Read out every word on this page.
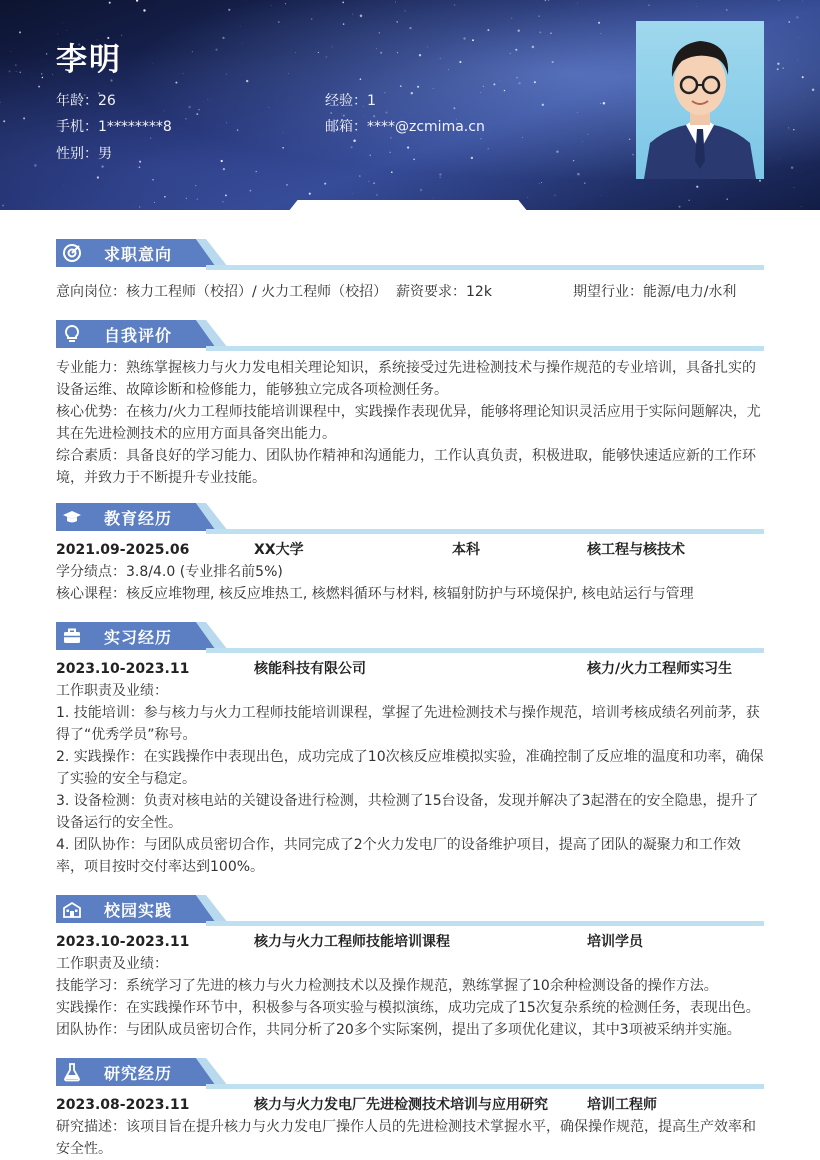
李明
年龄：26	经验：1
手机：1********8	邮箱：****@zcmima.cn
性别：男
求职意向
意向岗位：核力工程师（校招）/ 火力工程师（校招） 薪资要求：12k	期望行业：能源/电力/水利
自我评价

专业能力：熟练掌握核力与火力发电相关理论知识，系统接受过先进检测技术与操作规范的专业培训，具备扎实的

设备运维、故障诊断和检修能力，能够独立完成各项检测任务。

核心优势：在核力/火力工程师技能培训课程中，实践操作表现优异，能够将理论知识灵活应用于实际问题解决，尤

其在先进检测技术的应用方面具备突出能力。

综合素质：具备良好的学习能力、团队协作精神和沟通能力，工作认真负责，积极进取，能够快速适应新的工作环

境，并致力于不断提升专业技能。

教育经历
2021.09-2025.06	XX大学	本科	核工程与核技术

学分绩点：3.8/4.0 (专业排名前5%)

核心课程：核反应堆物理, 核反应堆热工, 核燃料循环与材料, 核辐射防护与环境保护, 核电站运行与管理

实习经历
2023.10-2023.11	核能科技有限公司	核力/火力工程师实习生

工作职责及业绩：

1. 技能培训：参与核力与火力工程师技能培训课程，掌握了先进检测技术与操作规范，培训考核成绩名列前茅，获

得了“优秀学员”称号。

2. 实践操作：在实践操作中表现出色，成功完成了10次核反应堆模拟实验，准确控制了反应堆的温度和功率，确保

了实验的安全与稳定。

3. 设备检测：负责对核电站的关键设备进行检测，共检测了15台设备，发现并解决了3起潜在的安全隐患，提升了

设备运行的安全性。

4. 团队协作：与团队成员密切合作，共同完成了2个火力发电厂的设备维护项目，提高了团队的凝聚力和工作效

率，项目按时交付率达到100%。

校园实践
2023.10-2023.11	核力与火力工程师技能培训课程	培训学员

工作职责及业绩：

技能学习：系统学习了先进的核力与火力检测技术以及操作规范，熟练掌握了10余种检测设备的操作方法。

实践操作：在实践操作环节中，积极参与各项实验与模拟演练，成功完成了15次复杂系统的检测任务，表现出色。

团队协作：与团队成员密切合作，共同分析了20多个实际案例，提出了多项优化建议，其中3项被采纳并实施。

研究经历
2023.08-2023.11	核力与火力发电厂先进检测技术培训与应用研究	培训工程师

研究描述：该项目旨在提升核力与火力发电厂操作人员的先进检测技术掌握水平，确保操作规范，提高生产效率和

安全性。
